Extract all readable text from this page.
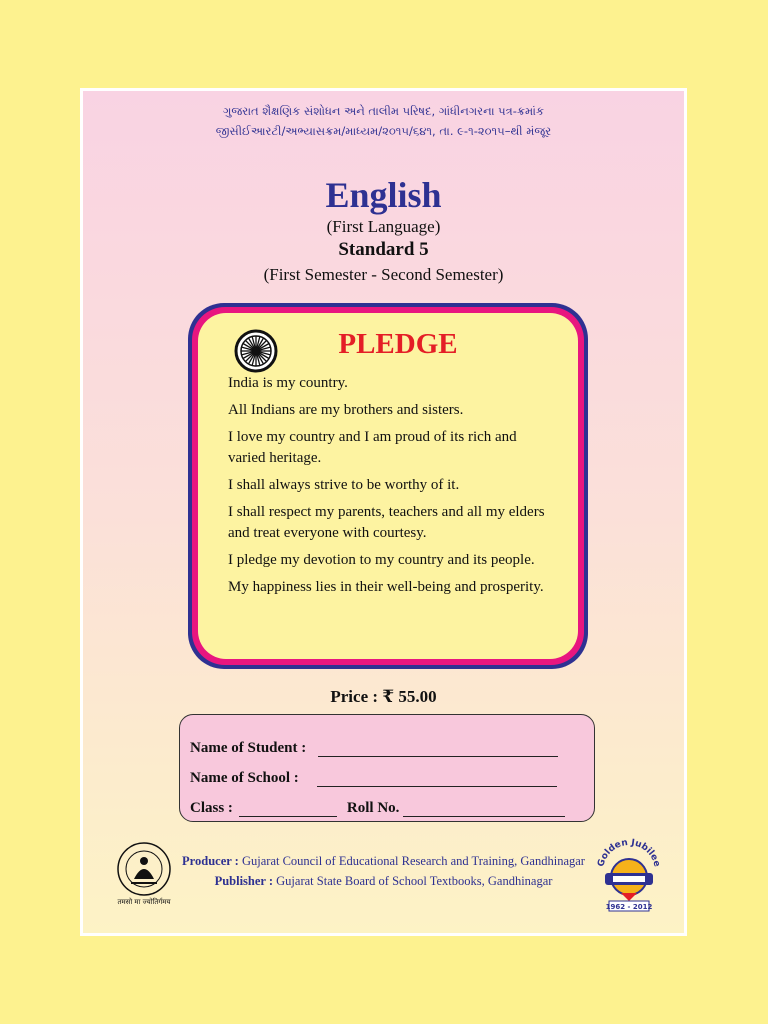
ગુજરાત શૈક્ષણિક સંશોધન અને તાલીમ પરિષદ, ગાંધીનગરના પત્ર-ક્રમાંક
જીસીઈઆરટી/અભ્યાસક્રમ/માધ્યમ/૨૦૧૫/૬૪૧, તા. ૯-૧-૨૦૧૫–થી મંજૂર
English
(First Language)
Standard 5
(First Semester - Second Semester)
PLEDGE
India is my country.
All Indians are my brothers and sisters.
I love my country and I am proud of its rich and varied heritage.
I shall always strive to be worthy of it.
I shall respect my parents, teachers and all my elders and treat everyone with courtesy.
I pledge my devotion to my country and its people.
My happiness lies in their well-being and prosperity.
Price : ₹ 55.00
Name of Student :
Name of School :
Class :	Roll No.
तमसो मा ज्योतिर्गमय
Producer : Gujarat Council of Educational Research and Training, Gandhinagar
Publisher : Gujarat State Board of School Textbooks, Gandhinagar
Golden Jubilee
1962 - 2012
